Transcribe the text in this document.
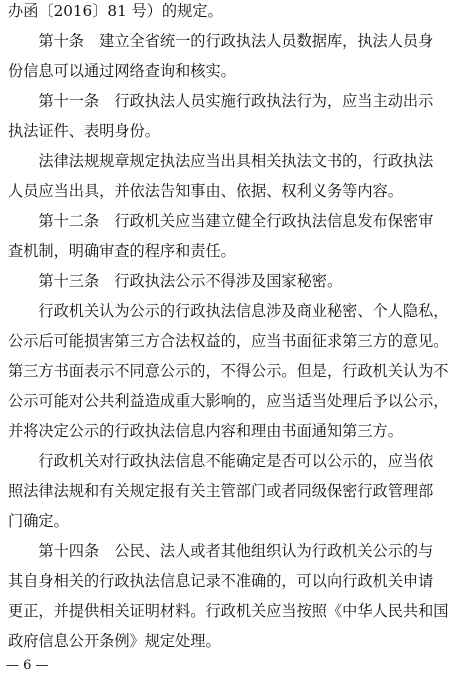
办函〔2016〕81 号）的规定。
　　第十条　建立全省统一的行政执法人员数据库，执法人员身
份信息可以通过网络查询和核实。
　　第十一条　行政执法人员实施行政执法行为，应当主动出示
执法证件、表明身份。
　　法律法规规章规定执法应当出具相关执法文书的，行政执法
人员应当出具，并依法告知事由、依据、权利义务等内容。
　　第十二条　行政机关应当建立健全行政执法信息发布保密审
查机制，明确审查的程序和责任。
　　第十三条　行政执法公示不得涉及国家秘密。
　　行政机关认为公示的行政执法信息涉及商业秘密、个人隐私，
公示后可能损害第三方合法权益的，应当书面征求第三方的意见。
第三方书面表示不同意公示的，不得公示。但是，行政机关认为不
公示可能对公共利益造成重大影响的，应当适当处理后予以公示，
并将决定公示的行政执法信息内容和理由书面通知第三方。
　　行政机关对行政执法信息不能确定是否可以公示的，应当依
照法律法规和有关规定报有关主管部门或者同级保密行政管理部
门确定。
　　第十四条　公民、法人或者其他组织认为行政机关公示的与
其自身相关的行政执法信息记录不准确的，可以向行政机关申请
更正，并提供相关证明材料。行政机关应当按照《中华人民共和国
政府信息公开条例》规定处理。
— 6 —
